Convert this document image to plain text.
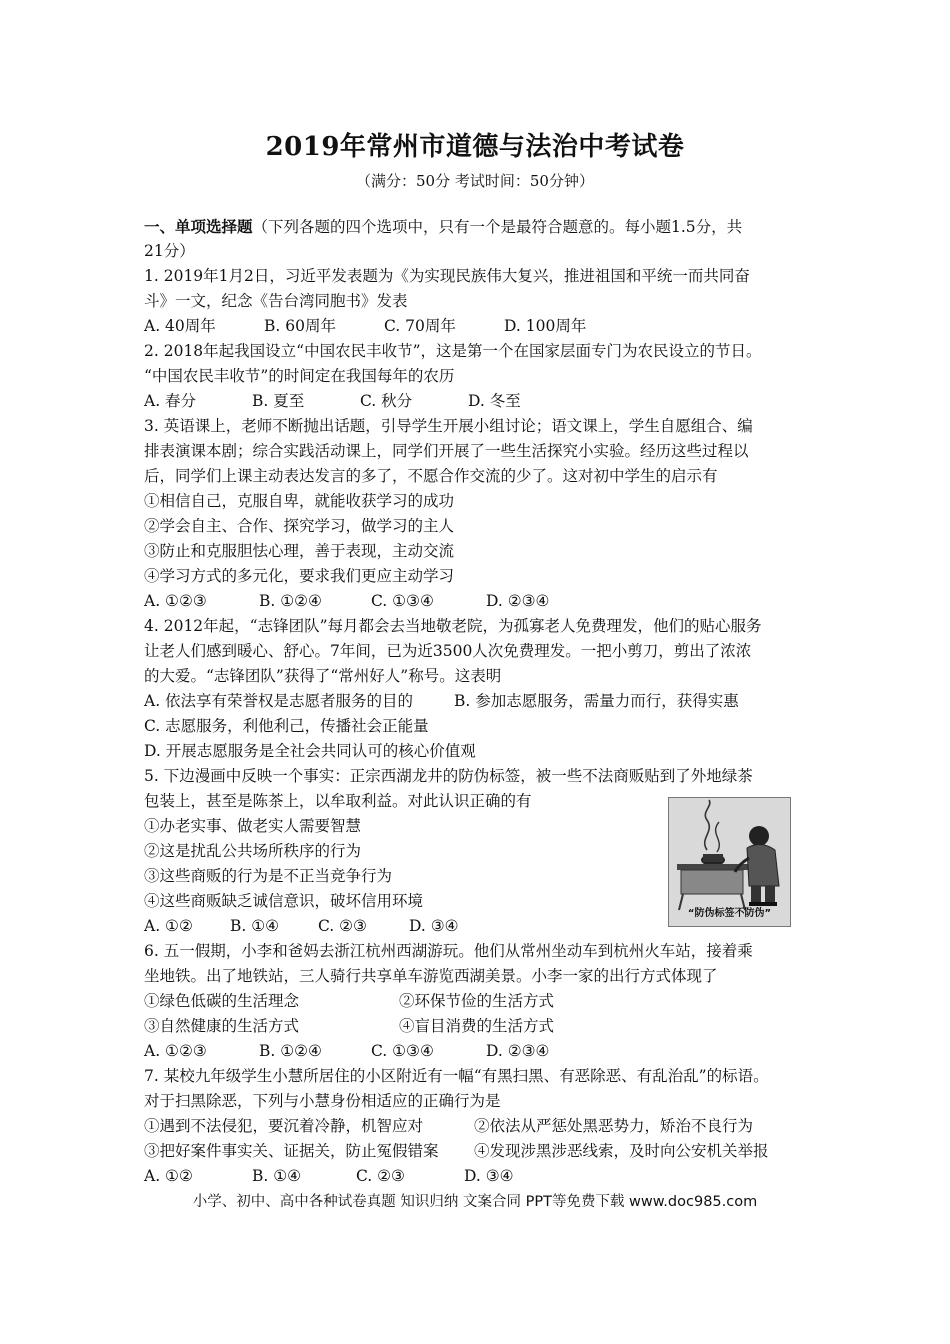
2019年常州市道德与法治中考试卷
（满分：50分 考试时间：50分钟）
一、单项选择题（下列各题的四个选项中，只有一个是最符合题意的。每小题1.5分，共
21分）
1. 2019年1月2日，习近平发表题为《为实现民族伟大复兴，推进祖国和平统一而共同奋
斗》一文，纪念《告台湾同胞书》发表
A. 40周年	B. 60周年	C. 70周年	D. 100周年
2. 2018年起我国设立“中国农民丰收节”，这是第一个在国家层面专门为农民设立的节日。
“中国农民丰收节”的时间定在我国每年的农历
A. 春分	B. 夏至	C. 秋分	D. 冬至
3. 英语课上，老师不断抛出话题，引导学生开展小组讨论；语文课上，学生自愿组合、编
排表演课本剧；综合实践活动课上，同学们开展了一些生活探究小实验。经历这些过程以
后，同学们上课主动表达发言的多了，不愿合作交流的少了。这对初中学生的启示有
①相信自己，克服自卑，就能收获学习的成功
②学会自主、合作、探究学习，做学习的主人
③防止和克服胆怯心理，善于表现，主动交流
④学习方式的多元化，要求我们更应主动学习
A. ①②③	B. ①②④	C. ①③④	D. ②③④
4. 2012年起，“志锋团队”每月都会去当地敬老院，为孤寡老人免费理发，他们的贴心服务
让老人们感到暖心、舒心。7年间，已为近3500人次免费理发。一把小剪刀，剪出了浓浓
的大爱。“志锋团队”获得了“常州好人”称号。这表明
A. 依法享有荣誉权是志愿者服务的目的	B. 参加志愿服务，需量力而行，获得实惠
C. 志愿服务，利他利己，传播社会正能量
D. 开展志愿服务是全社会共同认可的核心价值观
5. 下边漫画中反映一个事实：正宗西湖龙井的防伪标签，被一些不法商贩贴到了外地绿茶
包装上，甚至是陈茶上，以牟取利益。对此认识正确的有
①办老实事、做老实人需要智慧
②这是扰乱公共场所秩序的行为
③这些商贩的行为是不正当竞争行为
④这些商贩缺乏诚信意识，破坏信用环境
A. ①② B. ①④	C. ②③	D. ③④
6. 五一假期，小李和爸妈去浙江杭州西湖游玩。他们从常州坐动车到杭州火车站，接着乘
坐地铁。出了地铁站，三人骑行共享单车游览西湖美景。小李一家的出行方式体现了
①绿色低碳的生活理念	②环保节俭的生活方式
③自然健康的生活方式	④盲目消费的生活方式
A. ①②③	B. ①②④	C. ①③④	D. ②③④
7. 某校九年级学生小慧所居住的小区附近有一幅“有黑扫黑、有恶除恶、有乱治乱”的标语。
对于扫黑除恶，下列与小慧身份相适应的正确行为是
①遇到不法侵犯，要沉着冷静，机智应对	②依法从严惩处黑恶势力，矫治不良行为
③把好案件事实关、证据关，防止冤假错案 ④发现涉黑涉恶线索，及时向公安机关举报
A. ①②	B. ①④	C. ②③	D. ③④
“防伪标签不防伪”
小学、初中、高中各种试卷真题 知识归纳 文案合同 PPT等免费下载 www.doc985.com
